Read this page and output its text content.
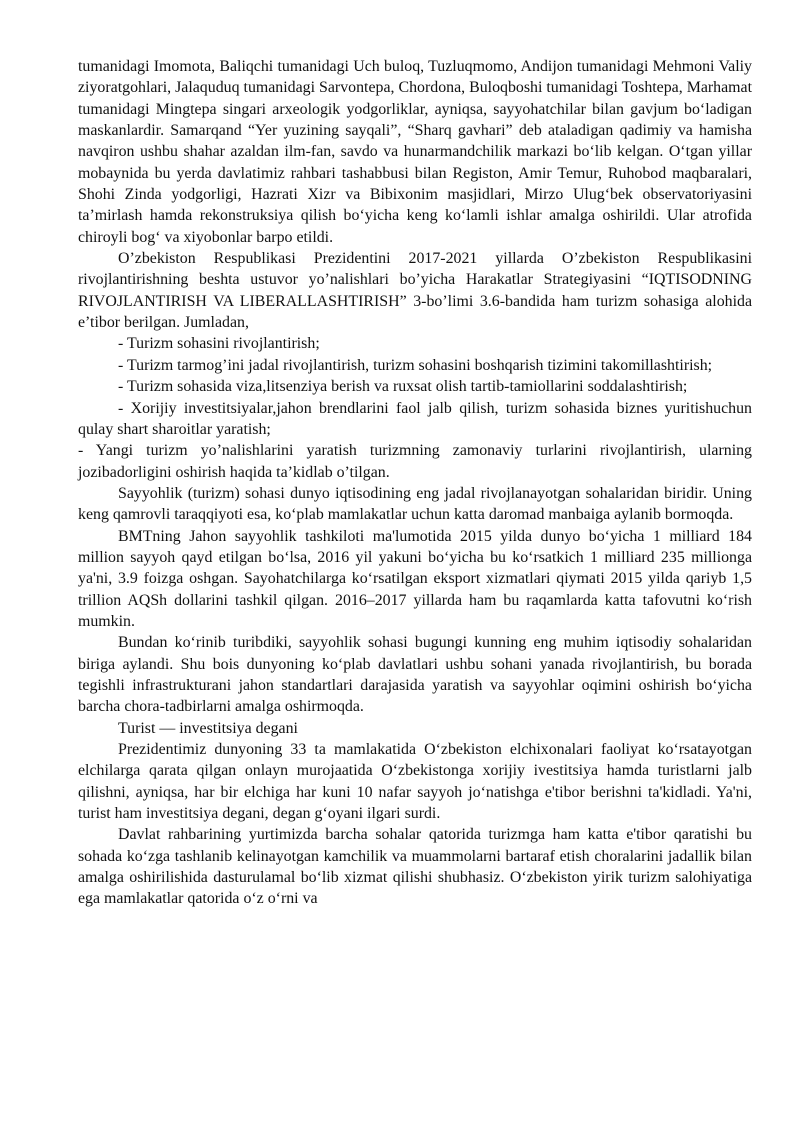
tumanidagi Imomota, Baliqchi tumanidagi Uch buloq, Tuzluqmomo, Andijon tumanidagi Mehmoni Valiy ziyoratgohlari, Jalaquduq tumanidagi Sarvontepa, Chordona, Buloqboshi tumanidagi Toshtepa, Marhamat tumanidagi Mingtepa singari arxeologik yodgorliklar, ayniqsa, sayyohatchilar bilan gavjum bo‘ladigan maskanlardir. Samarqand “Yer yuzining sayqali”, “Sharq gavhari” deb ataladigan qadimiy va hamisha navqiron ushbu shahar azaldan ilm-fan, savdo va hunarmandchilik markazi bo‘lib kelgan. O‘tgan yillar mobaynida bu yerda davlatimiz rahbari tashabbusi bilan Registon, Amir Temur, Ruhobod maqbaralari, Shohi Zinda yodgorligi, Hazrati Xizr va Bibixonim masjidlari, Mirzo Ulug‘bek observatoriyasini ta’mirlash hamda rekonstruksiya qilish bo‘yicha keng ko‘lamli ishlar amalga oshirildi. Ular atrofida chiroyli bog‘ va xiyobonlar barpo etildi.

O’zbekiston Respublikasi Prezidentini 2017-2021 yillarda O’zbekiston Respublikasini rivojlantirishning beshta ustuvor yo’nalishlari bo’yicha Harakatlar Strategiyasini “IQTISODNING RIVOJLANTIRISH VA LIBERALLASHTIRISH” 3-bo’limi 3.6-bandida ham turizm sohasiga alohida e’tibor berilgan. Jumladan,

- Turizm sohasini rivojlantirish;

- Turizm tarmog’ini jadal rivojlantirish, turizm sohasini boshqarish tizimini takomillashtirish;

- Turizm sohasida viza,litsenziya berish va ruxsat olish tartib-tamiollarini soddalashtirish;

- Xorijiy investitsiyalar,jahon brendlarini faol jalb qilish, turizm sohasida biznes yuritishuchun qulay shart sharoitlar yaratish;

- Yangi turizm yo’nalishlarini yaratish turizmning zamonaviy turlarini rivojlantirish, ularning jozibadorligini oshirish haqida ta’kidlab o’tilgan.

Sayyohlik (turizm) sohasi dunyo iqtisodining eng jadal rivojlanayotgan sohalaridan biridir. Uning keng qamrovli taraqqiyoti esa, ko‘plab mamlakatlar uchun katta daromad manbaiga aylanib bormoqda.

BMTning Jahon sayyohlik tashkiloti ma'lumotida 2015 yilda dunyo bo‘yicha 1 milliard 184 million sayyoh qayd etilgan bo‘lsa, 2016 yil yakuni bo‘yicha bu ko‘rsatkich 1 milliard 235 millionga ya'ni, 3.9 foizga oshgan. Sayohatchilarga ko‘rsatilgan eksport xizmatlari qiymati 2015 yilda qariyb 1,5 trillion AQSh dollarini tashkil qilgan. 2016–2017 yillarda ham bu raqamlarda katta tafovutni ko‘rish mumkin.

Bundan ko‘rinib turibdiki, sayyohlik sohasi bugungi kunning eng muhim iqtisodiy sohalaridan biriga aylandi. Shu bois dunyoning ko‘plab davlatlari ushbu sohani yanada rivojlantirish, bu borada tegishli infrastrukturani jahon standartlari darajasida yaratish va sayyohlar oqimini oshirish bo‘yicha barcha chora-tadbirlarni amalga oshirmoqda.

Turist — investitsiya degani

Prezidentimiz dunyoning 33 ta mamlakatida O‘zbekiston elchixonalari faoliyat ko‘rsatayotgan elchilarga qarata qilgan onlayn murojaatida O‘zbekistonga xorijiy ivestitsiya hamda turistlarni jalb qilishni, ayniqsa, har bir elchiga har kuni 10 nafar sayyoh jo‘natishga e'tibor berishni ta'kidladi. Ya'ni, turist ham investitsiya degani, degan g‘oyani ilgari surdi.

Davlat rahbarining yurtimizda barcha sohalar qatorida turizmga ham katta e'tibor qaratishi bu sohada ko‘zga tashlanib kelinayotgan kamchilik va muammolarni bartaraf etish choralarini jadallik bilan amalga oshirilishida dasturulamal bo‘lib xizmat qilishi shubhasiz. O‘zbekiston yirik turizm salohiyatiga ega mamlakatlar qatorida o‘z o‘rni va
